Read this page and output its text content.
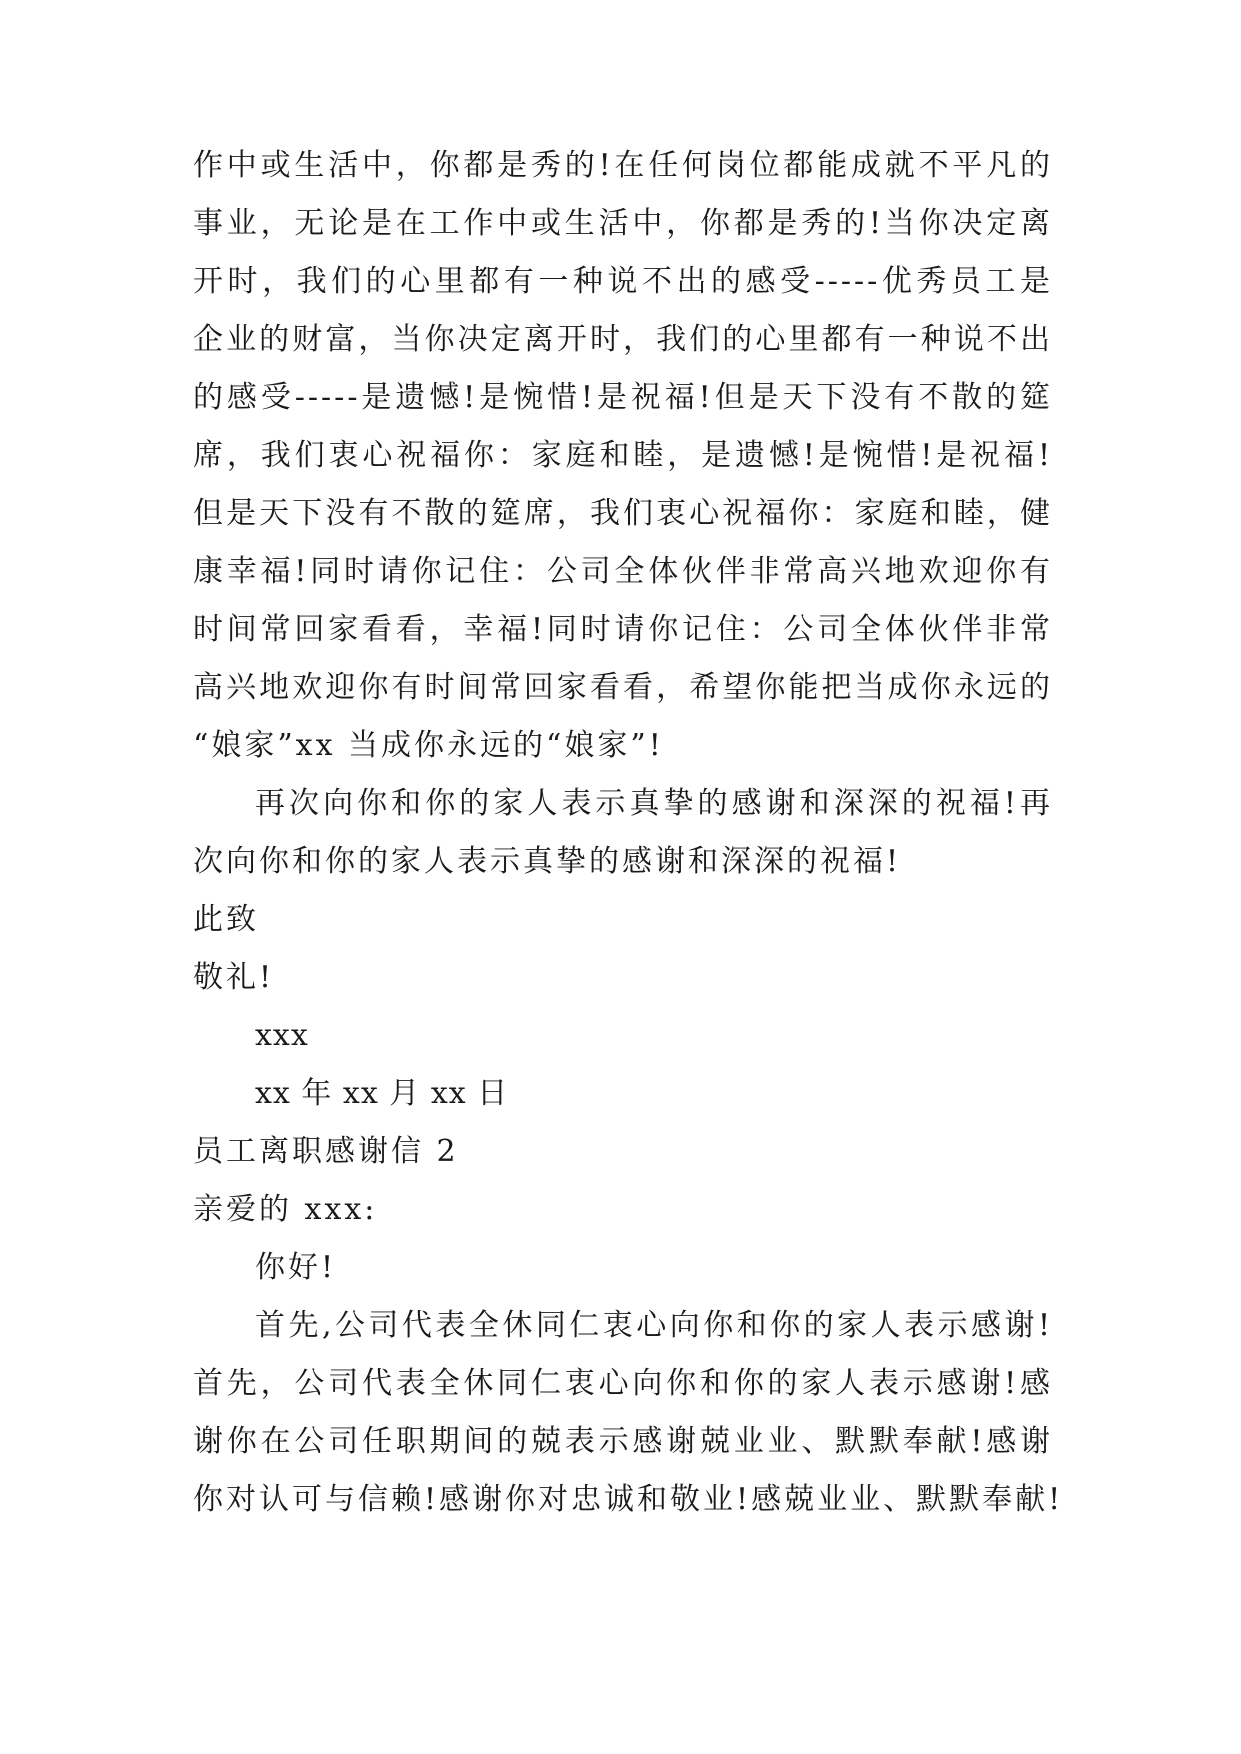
作中或生活中，你都是秀的!在任何岗位都能成就不平凡的
事业，无论是在工作中或生活中，你都是秀的!当你决定离
开时，我们的心里都有一种说不出的感受-----优秀员工是
企业的财富，当你决定离开时，我们的心里都有一种说不出
的感受-----是遗憾!是惋惜!是祝福!但是天下没有不散的筵
席，我们衷心祝福你：家庭和睦，是遗憾!是惋惜!是祝福!
但是天下没有不散的筵席，我们衷心祝福你：家庭和睦，健
康幸福!同时请你记住：公司全体伙伴非常高兴地欢迎你有
时间常回家看看，幸福!同时请你记住：公司全体伙伴非常
高兴地欢迎你有时间常回家看看，希望你能把当成你永远的
“娘家”xx 当成你永远的“娘家”!
再次向你和你的家人表示真挚的感谢和深深的祝福!再
次向你和你的家人表示真挚的感谢和深深的祝福!
此致
敬礼!
xxx
xx 年 xx 月 xx 日
员工离职感谢信 2
亲爱的 xxx:
你好!
首先,公司代表全休同仁衷心向你和你的家人表示感谢!
首先，公司代表全休同仁衷心向你和你的家人表示感谢!感
谢你在公司任职期间的兢表示感谢兢业业、默默奉献!感谢
你对认可与信赖!感谢你对忠诚和敬业!感兢业业、默默奉献!
